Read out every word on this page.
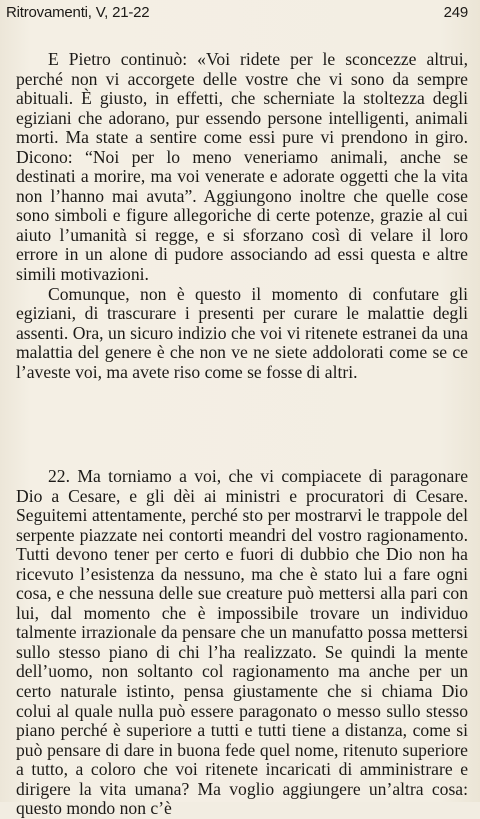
Ritrovamenti, V, 21-22	249

E Pietro continuò: «Voi ridete per le sconcezze altrui, perché non vi accorgete delle vostre che vi sono da sempre abituali. È giusto, in effetti, che scherniate la stoltezza degli egiziani che adorano, pur essendo persone intelligenti, animali morti. Ma state a sentire come essi pure vi prendono in giro. Dicono: “Noi per lo meno veneriamo animali, anche se destinati a morire, ma voi venerate e adorate oggetti che la vita non l’hanno mai avuta”. Aggiungono inoltre che quelle cose sono simboli e figure allegoriche di certe potenze, grazie al cui aiuto l’umanità si regge, e si sforzano così di velare il loro errore in un alone di pudore associando ad essi questa e altre simili motivazioni.

Comunque, non è questo il momento di confutare gli egiziani, di trascurare i presenti per curare le malattie degli assenti. Ora, un sicuro indizio che voi vi ritenete estranei da una malattia del genere è che non ve ne siete addolorati come se ce l’aveste voi, ma avete riso come se fosse di altri.

22. Ma torniamo a voi, che vi compiacete di paragonare Dio a Cesare, e gli dèi ai ministri e procuratori di Cesare. Seguitemi attentamente, perché sto per mostrarvi le trappole del serpente piazzate nei contorti meandri del vostro ragionamento. Tutti devono tener per certo e fuori di dubbio che Dio non ha ricevuto l’esistenza da nessuno, ma che è stato lui a fare ogni cosa, e che nessuna delle sue creature può mettersi alla pari con lui, dal momento che è impossibile trovare un individuo talmente irrazionale da pensare che un manufatto possa mettersi sullo stesso piano di chi l’ha realizzato. Se quindi la mente dell’uomo, non soltanto col ragionamento ma anche per un certo naturale istinto, pensa giustamente che si chiama Dio colui al quale nulla può essere paragonato o messo sullo stesso piano perché è superiore a tutti e tutti tiene a distanza, come si può pensare di dare in buona fede quel nome, ritenuto superiore a tutto, a coloro che voi ritenete incaricati di amministrare e dirigere la vita umana? Ma voglio aggiungere un’altra cosa: questo mondo non c’è
